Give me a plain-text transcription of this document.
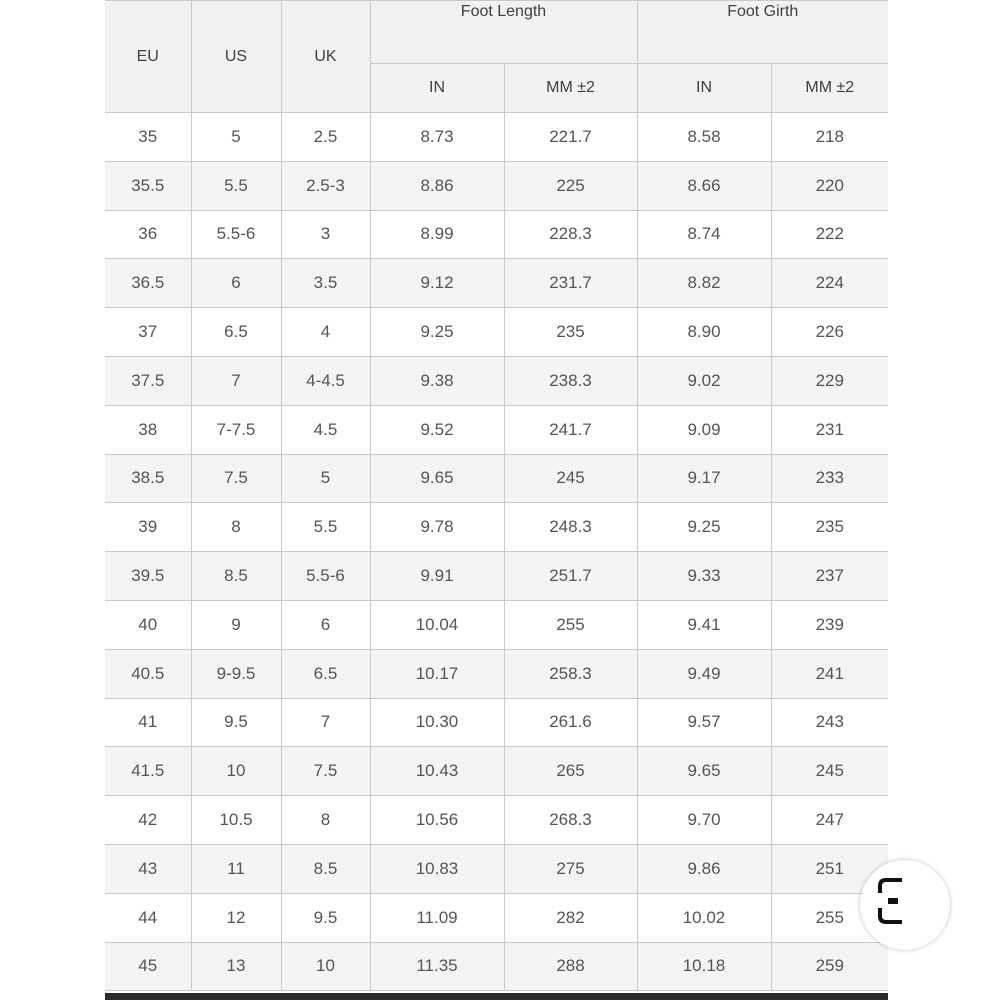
EU	US	UK	Foot Length		Foot Girth	
			IN	MM ±2	IN	MM ±2
35	5	2.5	8.73	221.7	8.58	218
35.5	5.5	2.5-3	8.86	225	8.66	220
36	5.5-6	3	8.99	228.3	8.74	222
36.5	6	3.5	9.12	231.7	8.82	224
37	6.5	4	9.25	235	8.90	226
37.5	7	4-4.5	9.38	238.3	9.02	229
38	7-7.5	4.5	9.52	241.7	9.09	231
38.5	7.5	5	9.65	245	9.17	233
39	8	5.5	9.78	248.3	9.25	235
39.5	8.5	5.5-6	9.91	251.7	9.33	237
40	9	6	10.04	255	9.41	239
40.5	9-9.5	6.5	10.17	258.3	9.49	241
41	9.5	7	10.30	261.6	9.57	243
41.5	10	7.5	10.43	265	9.65	245
42	10.5	8	10.56	268.3	9.70	247
43	11	8.5	10.83	275	9.86	251
44	12	9.5	11.09	282	10.02	255
45	13	10	11.35	288	10.18	259
